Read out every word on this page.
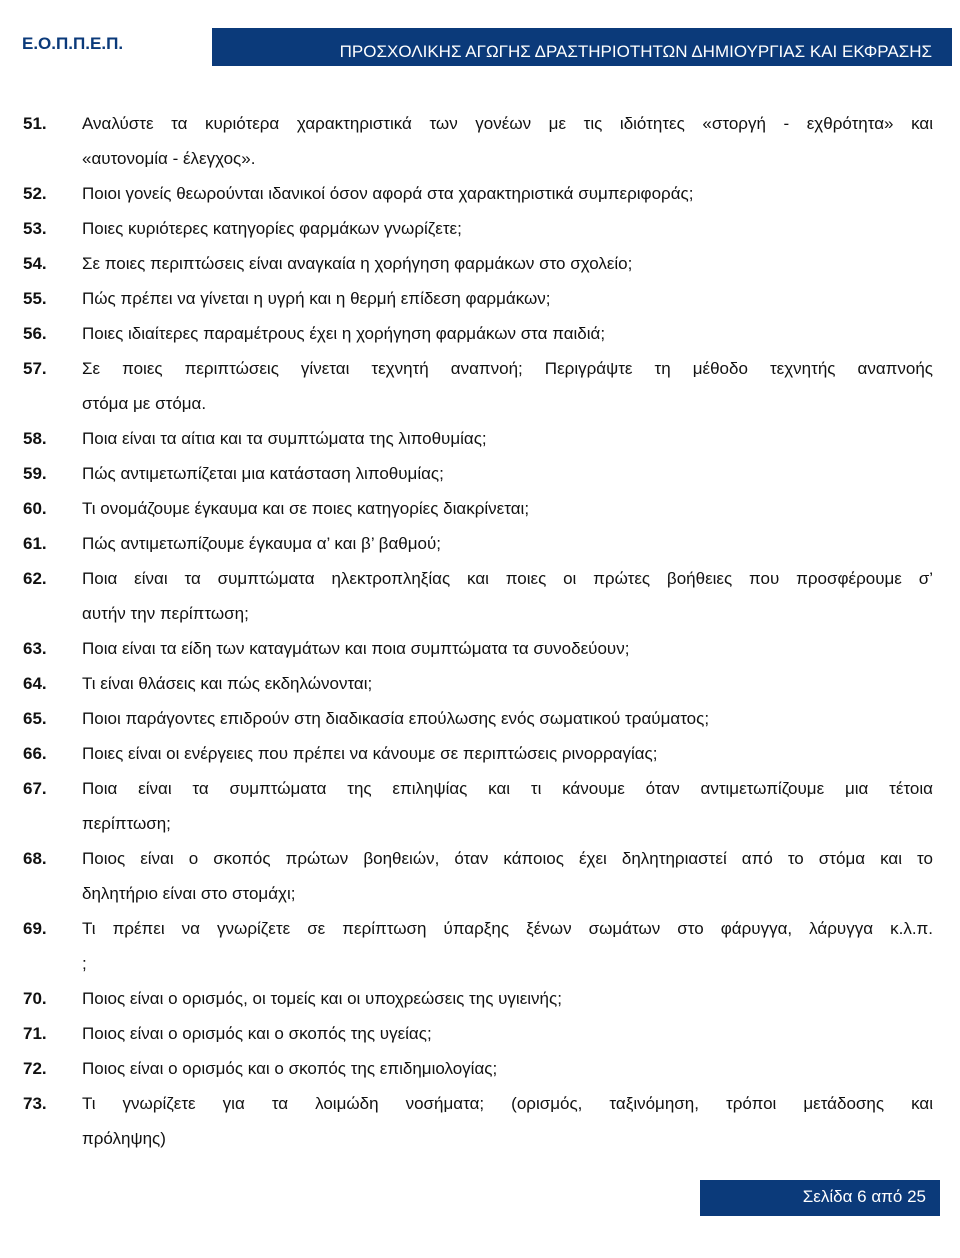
Ε.Ο.Π.Π.Ε.Π.	ΠΡΟΣΧΟΛΙΚΗΣ ΑΓΩΓΗΣ ΔΡΑΣΤΗΡΙΟΤΗΤΩΝ ΔΗΜΙΟΥΡΓΙΑΣ ΚΑΙ ΕΚΦΡΑΣΗΣ
51.	Αναλύστε τα κυριότερα χαρακτηριστικά των γονέων με τις ιδιότητες «στοργή - εχθρότητα» και
«αυτονομία - έλεγχος».
52.	Ποιοι γονείς θεωρούνται ιδανικοί όσον αφορά στα χαρακτηριστικά συμπεριφοράς;
53.	Ποιες κυριότερες κατηγορίες φαρμάκων γνωρίζετε;
54.	Σε ποιες περιπτώσεις είναι αναγκαία η χορήγηση φαρμάκων στο σχολείο;
55.	Πώς πρέπει να γίνεται η υγρή και η θερμή επίδεση φαρμάκων;
56.	Ποιες ιδιαίτερες παραμέτρους έχει η χορήγηση φαρμάκων στα παιδιά;
57.	Σε ποιες περιπτώσεις γίνεται τεχνητή αναπνοή; Περιγράψτε τη μέθοδο τεχνητής αναπνοής
στόμα με στόμα.
58.	Ποια είναι τα αίτια και τα συμπτώματα της λιποθυμίας;
59.	Πώς αντιμετωπίζεται μια κατάσταση λιποθυμίας;
60.	Τι ονομάζουμε έγκαυμα και σε ποιες κατηγορίες διακρίνεται;
61.	Πώς αντιμετωπίζουμε έγκαυμα α’ και β’ βαθμού;
62.	Ποια είναι τα συμπτώματα ηλεκτροπληξίας και ποιες οι πρώτες βοήθειες που προσφέρουμε σ’
αυτήν την περίπτωση;
63.	Ποια είναι τα είδη των καταγμάτων και ποια συμπτώματα τα συνοδεύουν;
64.	Τι είναι θλάσεις και πώς εκδηλώνονται;
65.	Ποιοι παράγοντες επιδρούν στη διαδικασία επούλωσης ενός σωματικού τραύματος;
66.	Ποιες είναι οι ενέργειες που πρέπει να κάνουμε σε περιπτώσεις ρινορραγίας;
67.	Ποια είναι τα συμπτώματα της επιληψίας και τι κάνουμε όταν αντιμετωπίζουμε μια τέτοια
περίπτωση;
68.	Ποιος είναι ο σκοπός πρώτων βοηθειών, όταν κάποιος έχει δηλητηριαστεί από το στόμα και το
δηλητήριο είναι στο στομάχι;
69.	Τι πρέπει να γνωρίζετε σε περίπτωση ύπαρξης ξένων σωμάτων στο φάρυγγα, λάρυγγα κ.λ.π.
;
70.	Ποιος είναι ο ορισμός, οι τομείς και οι υποχρεώσεις της υγιεινής;
71.	Ποιος είναι ο ορισμός και ο σκοπός της υγείας;
72.	Ποιος είναι ο ορισμός και ο σκοπός της επιδημιολογίας;
73.	Τι γνωρίζετε για τα λοιμώδη νοσήματα; (ορισμός, ταξινόμηση, τρόποι μετάδοσης και
πρόληψης)
Σελίδα 6 από 25
